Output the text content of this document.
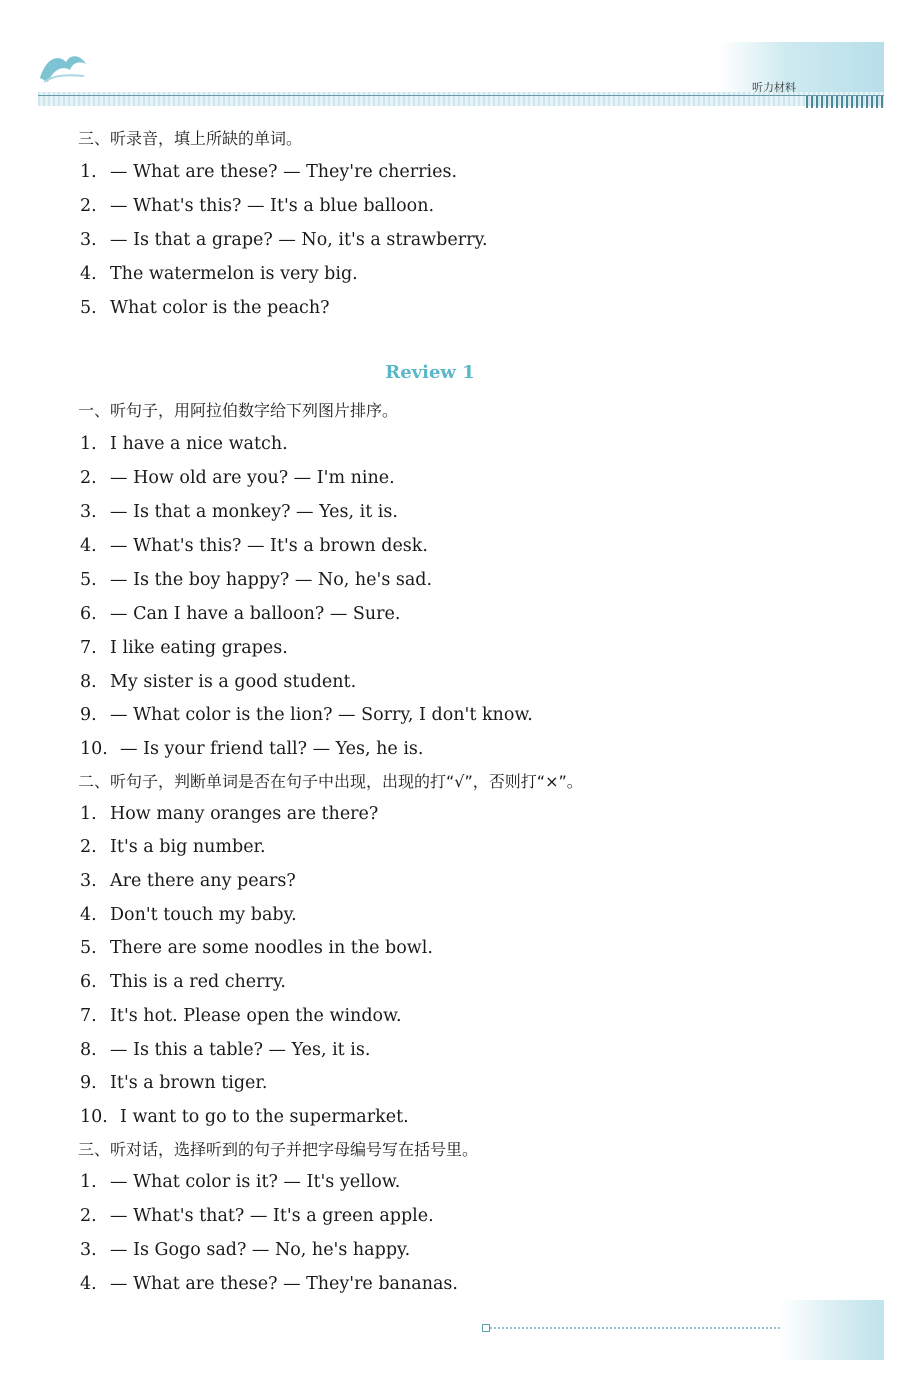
听力材料
三、听录音，填上所缺的单词。
1. — What are these? — They're cherries.
2. — What's this? — It's a blue balloon.
3. — Is that a grape? — No, it's a strawberry.
4. The watermelon is very big.
5. What color is the peach?
Review 1
一、听句子，用阿拉伯数字给下列图片排序。
1. I have a nice watch.
2. — How old are you? — I'm nine.
3. — Is that a monkey? — Yes, it is.
4. — What's this? — It's a brown desk.
5. — Is the boy happy? — No, he's sad.
6. — Can I have a balloon? — Sure.
7. I like eating grapes.
8. My sister is a good student.
9. — What color is the lion? — Sorry, I don't know.
10. — Is your friend tall? — Yes, he is.
二、听句子，判断单词是否在句子中出现，出现的打“√”，否则打“×”。
1. How many oranges are there?
2. It's a big number.
3. Are there any pears?
4. Don't touch my baby.
5. There are some noodles in the bowl.
6. This is a red cherry.
7. It's hot. Please open the window.
8. — Is this a table? — Yes, it is.
9. It's a brown tiger.
10. I want to go to the supermarket.
三、听对话，选择听到的句子并把字母编号写在括号里。
1. — What color is it? — It's yellow.
2. — What's that? — It's a green apple.
3. — Is Gogo sad? — No, he's happy.
4. — What are these? — They're bananas.
